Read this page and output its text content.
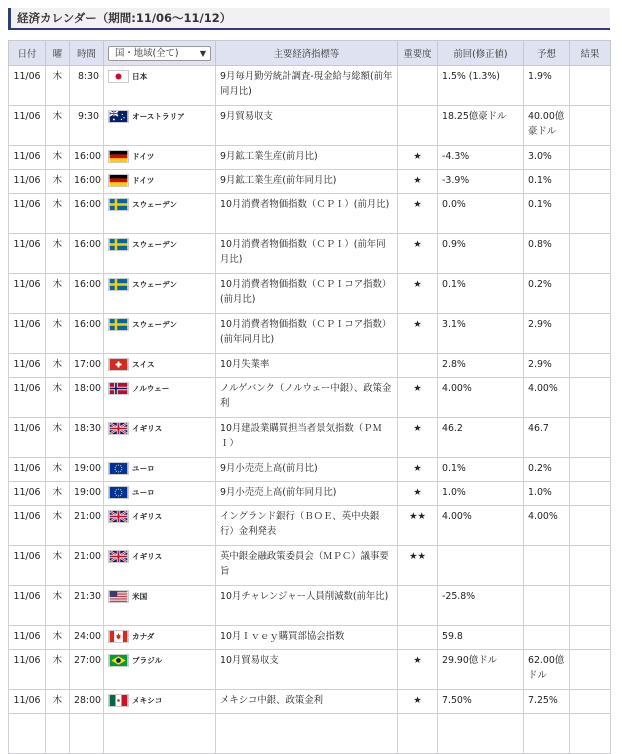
経済カレンダー（期間:11/06〜11/12）
日付	曜	時間	国・地域(全て) ▼	主要経済指標等	重要度	前回(修正値)	予想	結果
11/06	木	8:30	日本	9月毎月勤労統計調査-現金給与総額(前年同月比)		1.5% (1.3%)	1.9%	
11/06	木	9:30	オーストラリア	9月貿易収支		18.25億豪ドル	40.00億豪ドル	
11/06	木	16:00	ドイツ	9月鉱工業生産(前月比)	★	-4.3%	3.0%	
11/06	木	16:00	ドイツ	9月鉱工業生産(前年同月比)	★	-3.9%	0.1%	
11/06	木	16:00	スウェーデン	10月消費者物価指数（ＣＰＩ）(前月比)	★	0.0%	0.1%	
11/06	木	16:00	スウェーデン	10月消費者物価指数（ＣＰＩ）(前年同月比)	★	0.9%	0.8%	
11/06	木	16:00	スウェーデン	10月消費者物価指数（ＣＰＩコア指数）(前月比)	★	0.1%	0.2%	
11/06	木	16:00	スウェーデン	10月消費者物価指数（ＣＰＩコア指数）(前年同月比)	★	3.1%	2.9%	
11/06	木	17:00	スイス	10月失業率		2.8%	2.9%	
11/06	木	18:00	ノルウェー	ノルゲバンク（ノルウェー中銀）、政策金利	★	4.00%	4.00%	
11/06	木	18:30	イギリス	10月建設業購買担当者景気指数（ＰＭＩ）	★	46.2	46.7	
11/06	木	19:00	ユーロ	9月小売売上高(前月比)	★	0.1%	0.2%	
11/06	木	19:00	ユーロ	9月小売売上高(前年同月比)	★	1.0%	1.0%	
11/06	木	21:00	イギリス	イングランド銀行（ＢＯＥ、英中央銀行）金利発表	★★	4.00%	4.00%	
11/06	木	21:00	イギリス	英中銀金融政策委員会（ＭＰＣ）議事要旨	★★			
11/06	木	21:30	米国	10月チャレンジャー人員削減数(前年比)		-25.8%		
11/06	木	24:00	カナダ	10月Ｉｖｅｙ購買部協会指数		59.8		
11/06	木	27:00	ブラジル	10月貿易収支	★	29.90億ドル	62.00億ドル	
11/06	木	28:00	メキシコ	メキシコ中銀、政策金利	★	7.50%	7.25%	
